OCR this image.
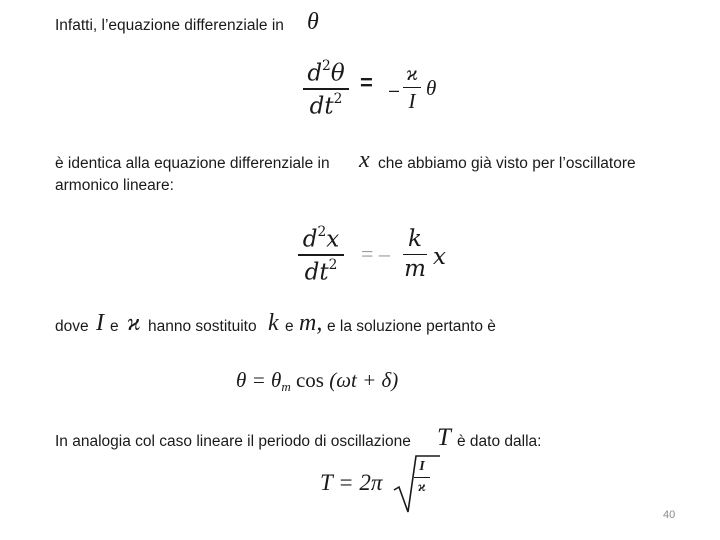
Infatti, l’equazione differenziale in θ
$d^2\theta$
$dt^2$
= –
ϰ
I
θ
è identica alla equazione differenziale in x che abbiamo già visto per l’oscillatore
armonico lineare:
$d^2x$
$dt^2$ = –
k
m x
dove I e ϰ hanno sostituito k e m, e la soluzione pertanto è
$\theta = \theta_m$ cos (ωt + δ)
In analogia col caso lineare il periodo di oscillazione T è dato dalla:
T = 2π
I
ϰ
40
